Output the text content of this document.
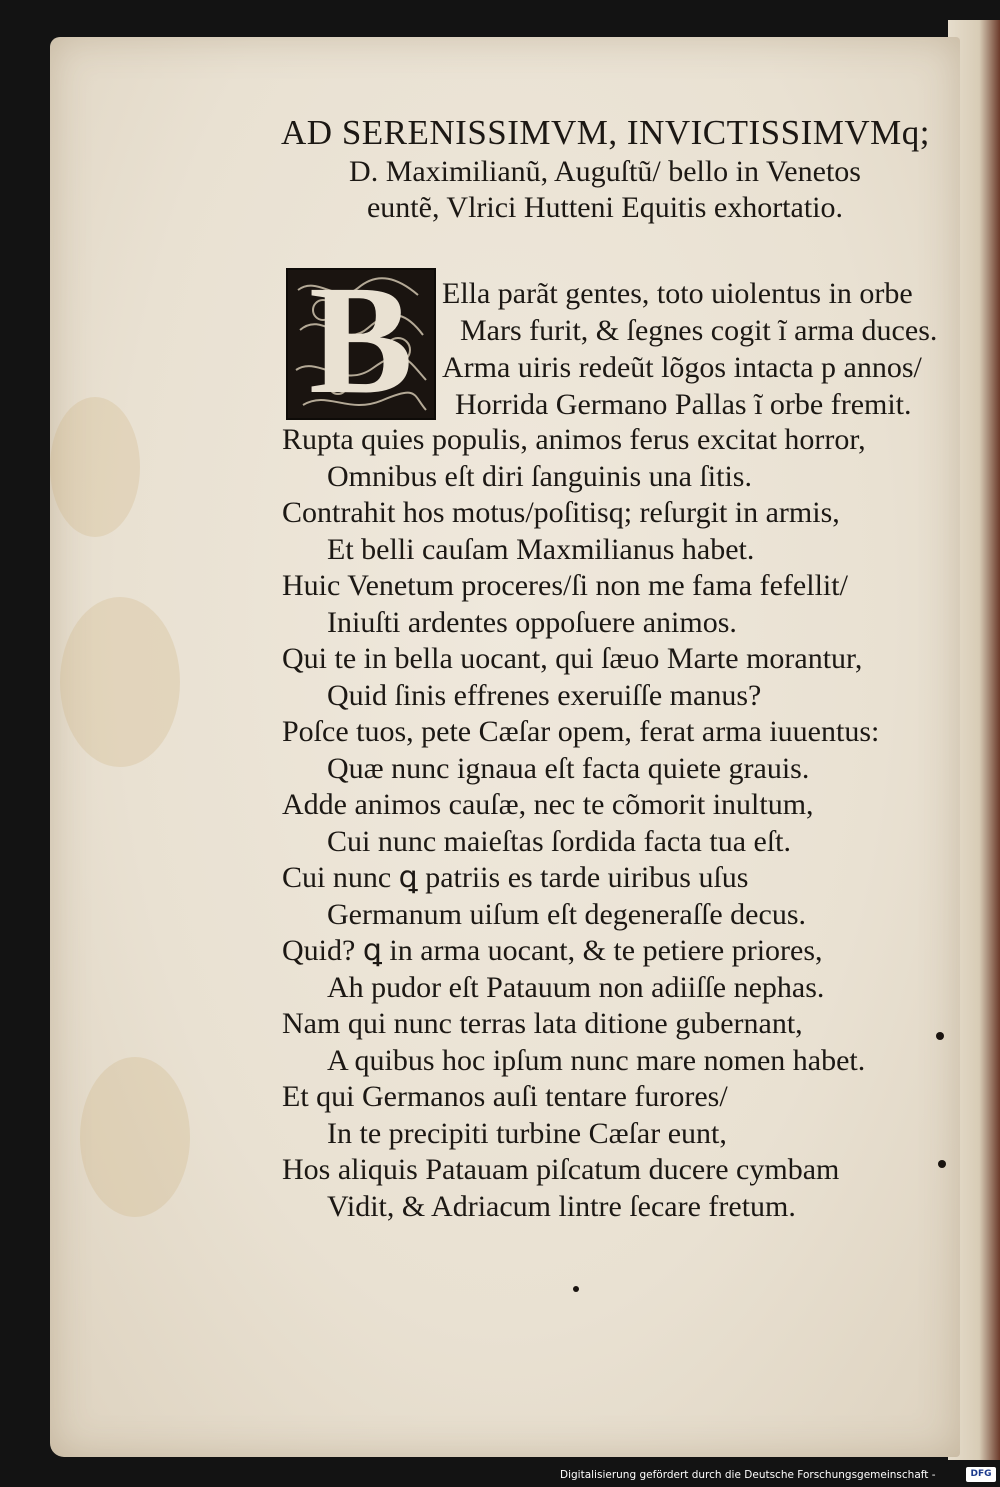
AD SERENISSIMVM, INVICTISSIMVMq;
D. Maximilianũ, Auguſtũ/ bello in Venetos
euntẽ, Vlrici Hutteni Equitis exhortatio.
B Ella parãt gentes, toto uiolentus in orbe
Mars furit, & ſegnes cogit ĩ arma duces.
Arma uiris redeũt lõgos intacta p annos/
Horrida Germano Pallas ĩ orbe fremit.
Rupta quies populis, animos ferus excitat horror,
Omnibus eſt diri ſanguinis una ſitis.
Contrahit hos motus/poſitisq; reſurgit in armis,
Et belli cauſam Maxmilianus habet.
Huic Venetum proceres/ſi non me fama fefellit/
Iniuſti ardentes oppoſuere animos.
Qui te in bella uocant, qui ſæuo Marte morantur,
Quid ſinis effrenes exeruiſſe manus?
Poſce tuos, pete Cæſar opem, ferat arma iuuentus:
Quæ nunc ignaua eſt facta quiete grauis.
Adde animos cauſæ, nec te cõmorit inultum,
Cui nunc maieſtas ſordida facta tua eſt.
Cui nunc ꝗ patriis es tarde uiribus uſus
Germanum uiſum eſt degeneraſſe decus.
Quid? ꝗ in arma uocant, & te petiere priores,
Ah pudor eſt Patauum non adiiſſe nephas.
Nam qui nunc terras lata ditione gubernant,
A quibus hoc ipſum nunc mare nomen habet.
Et qui Germanos auſi tentare furores/
In te precipiti turbine Cæſar eunt,
Hos aliquis Patauam piſcatum ducere cymbam
Vidit, & Adriacum lintre ſecare fretum.
Digitalisierung gefördert durch die Deutsche Forschungsgemeinschaft -	DFG
